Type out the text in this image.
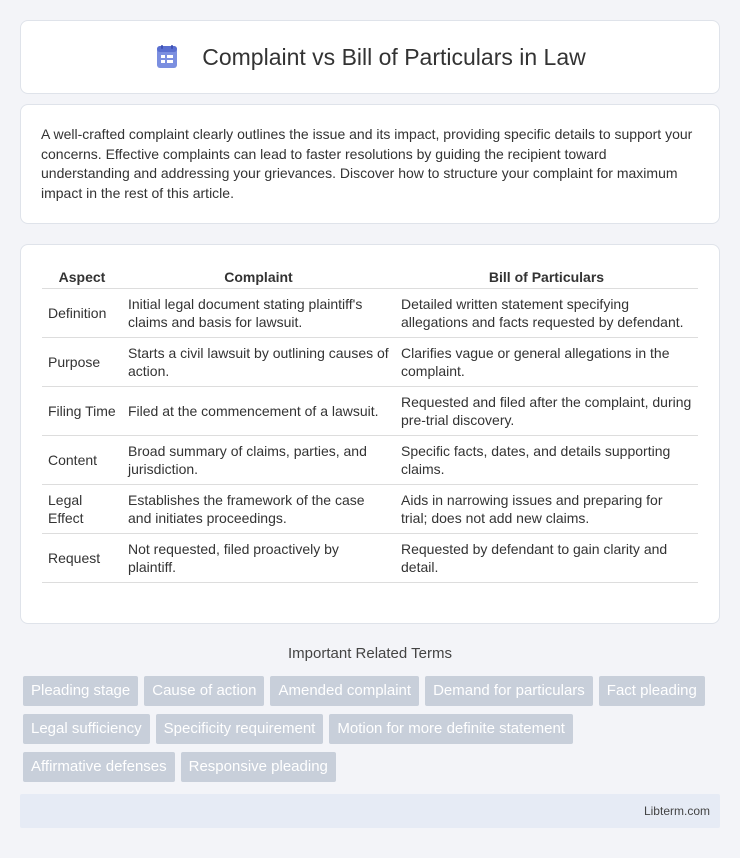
Complaint vs Bill of Particulars in Law

A well-crafted complaint clearly outlines the issue and its impact, providing specific details to support your concerns. Effective complaints can lead to faster resolutions by guiding the recipient toward understanding and addressing your grievances. Discover how to structure your complaint for maximum impact in the rest of this article.

Aspect	Complaint	Bill of Particulars
Definition	Initial legal document stating plaintiff's claims and basis for lawsuit.	Detailed written statement specifying allegations and facts requested by defendant.
Purpose	Starts a civil lawsuit by outlining causes of action.	Clarifies vague or general allegations in the complaint.
Filing Time	Filed at the commencement of a lawsuit.	Requested and filed after the complaint, during pre-trial discovery.
Content	Broad summary of claims, parties, and jurisdiction.	Specific facts, dates, and details supporting claims.
Legal Effect	Establishes the framework of the case and initiates proceedings.	Aids in narrowing issues and preparing for trial; does not add new claims.
Request	Not requested, filed proactively by plaintiff.	Requested by defendant to gain clarity and detail.
Important Related Terms
Pleading stage	Cause of action	Amended complaint	Demand for particulars	Fact pleading
Legal sufficiency	Specificity requirement	Motion for more definite statement
Affirmative defenses	Responsive pleading
Libterm.com
